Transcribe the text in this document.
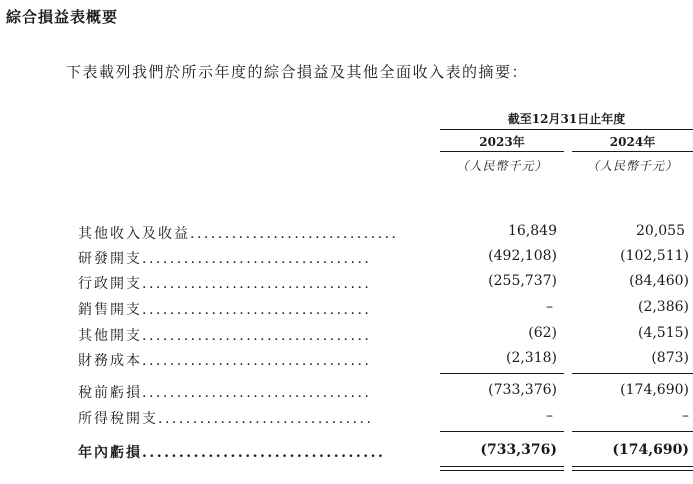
綜合損益表概要
下表載列我們於所示年度的綜合損益及其他全面收入表的摘要：
截至12月31日止年度
2023年	2024年
（人民幣千元）	（人民幣千元）
其他收入及收益..............................	16,849	20,055
研發開支.................................	(492,108)	(102,511)
行政開支.................................	(255,737)	(84,460)
銷售開支.................................	–	(2,386)
其他開支.................................	(62)	(4,515)
財務成本.................................	(2,318)	(873)
稅前虧損.................................	(733,376)	(174,690)
所得稅開支...............................	–	–
年內虧損.................................	(733,376)	(174,690)
